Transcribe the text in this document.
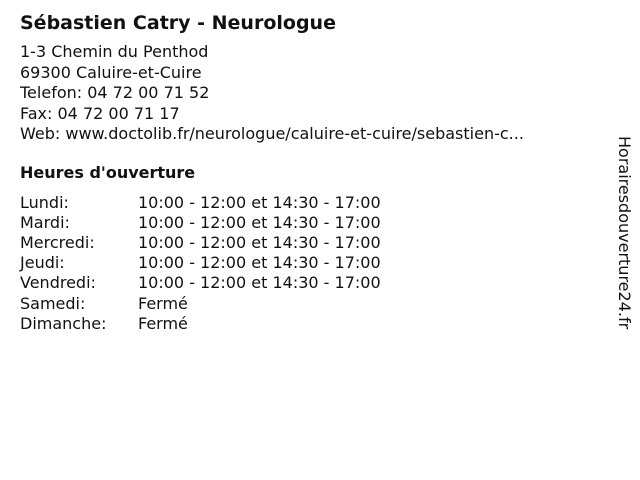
Sébastien Catry - Neurologue
1-3 Chemin du Penthod
69300 Caluire-et-Cuire
Telefon: 04 72 00 71 52
Fax: 04 72 00 71 17
Web: www.doctolib.fr/neurologue/caluire-et-cuire/sebastien-c...
Heures d'ouverture
Lundi:	10:00 - 12:00 et 14:30 - 17:00
Mardi:	10:00 - 12:00 et 14:30 - 17:00
Mercredi:	10:00 - 12:00 et 14:30 - 17:00
Jeudi:	10:00 - 12:00 et 14:30 - 17:00
Vendredi:	10:00 - 12:00 et 14:30 - 17:00
Samedi:	Fermé
Dimanche:	Fermé	Horairesdouverture24.fr
